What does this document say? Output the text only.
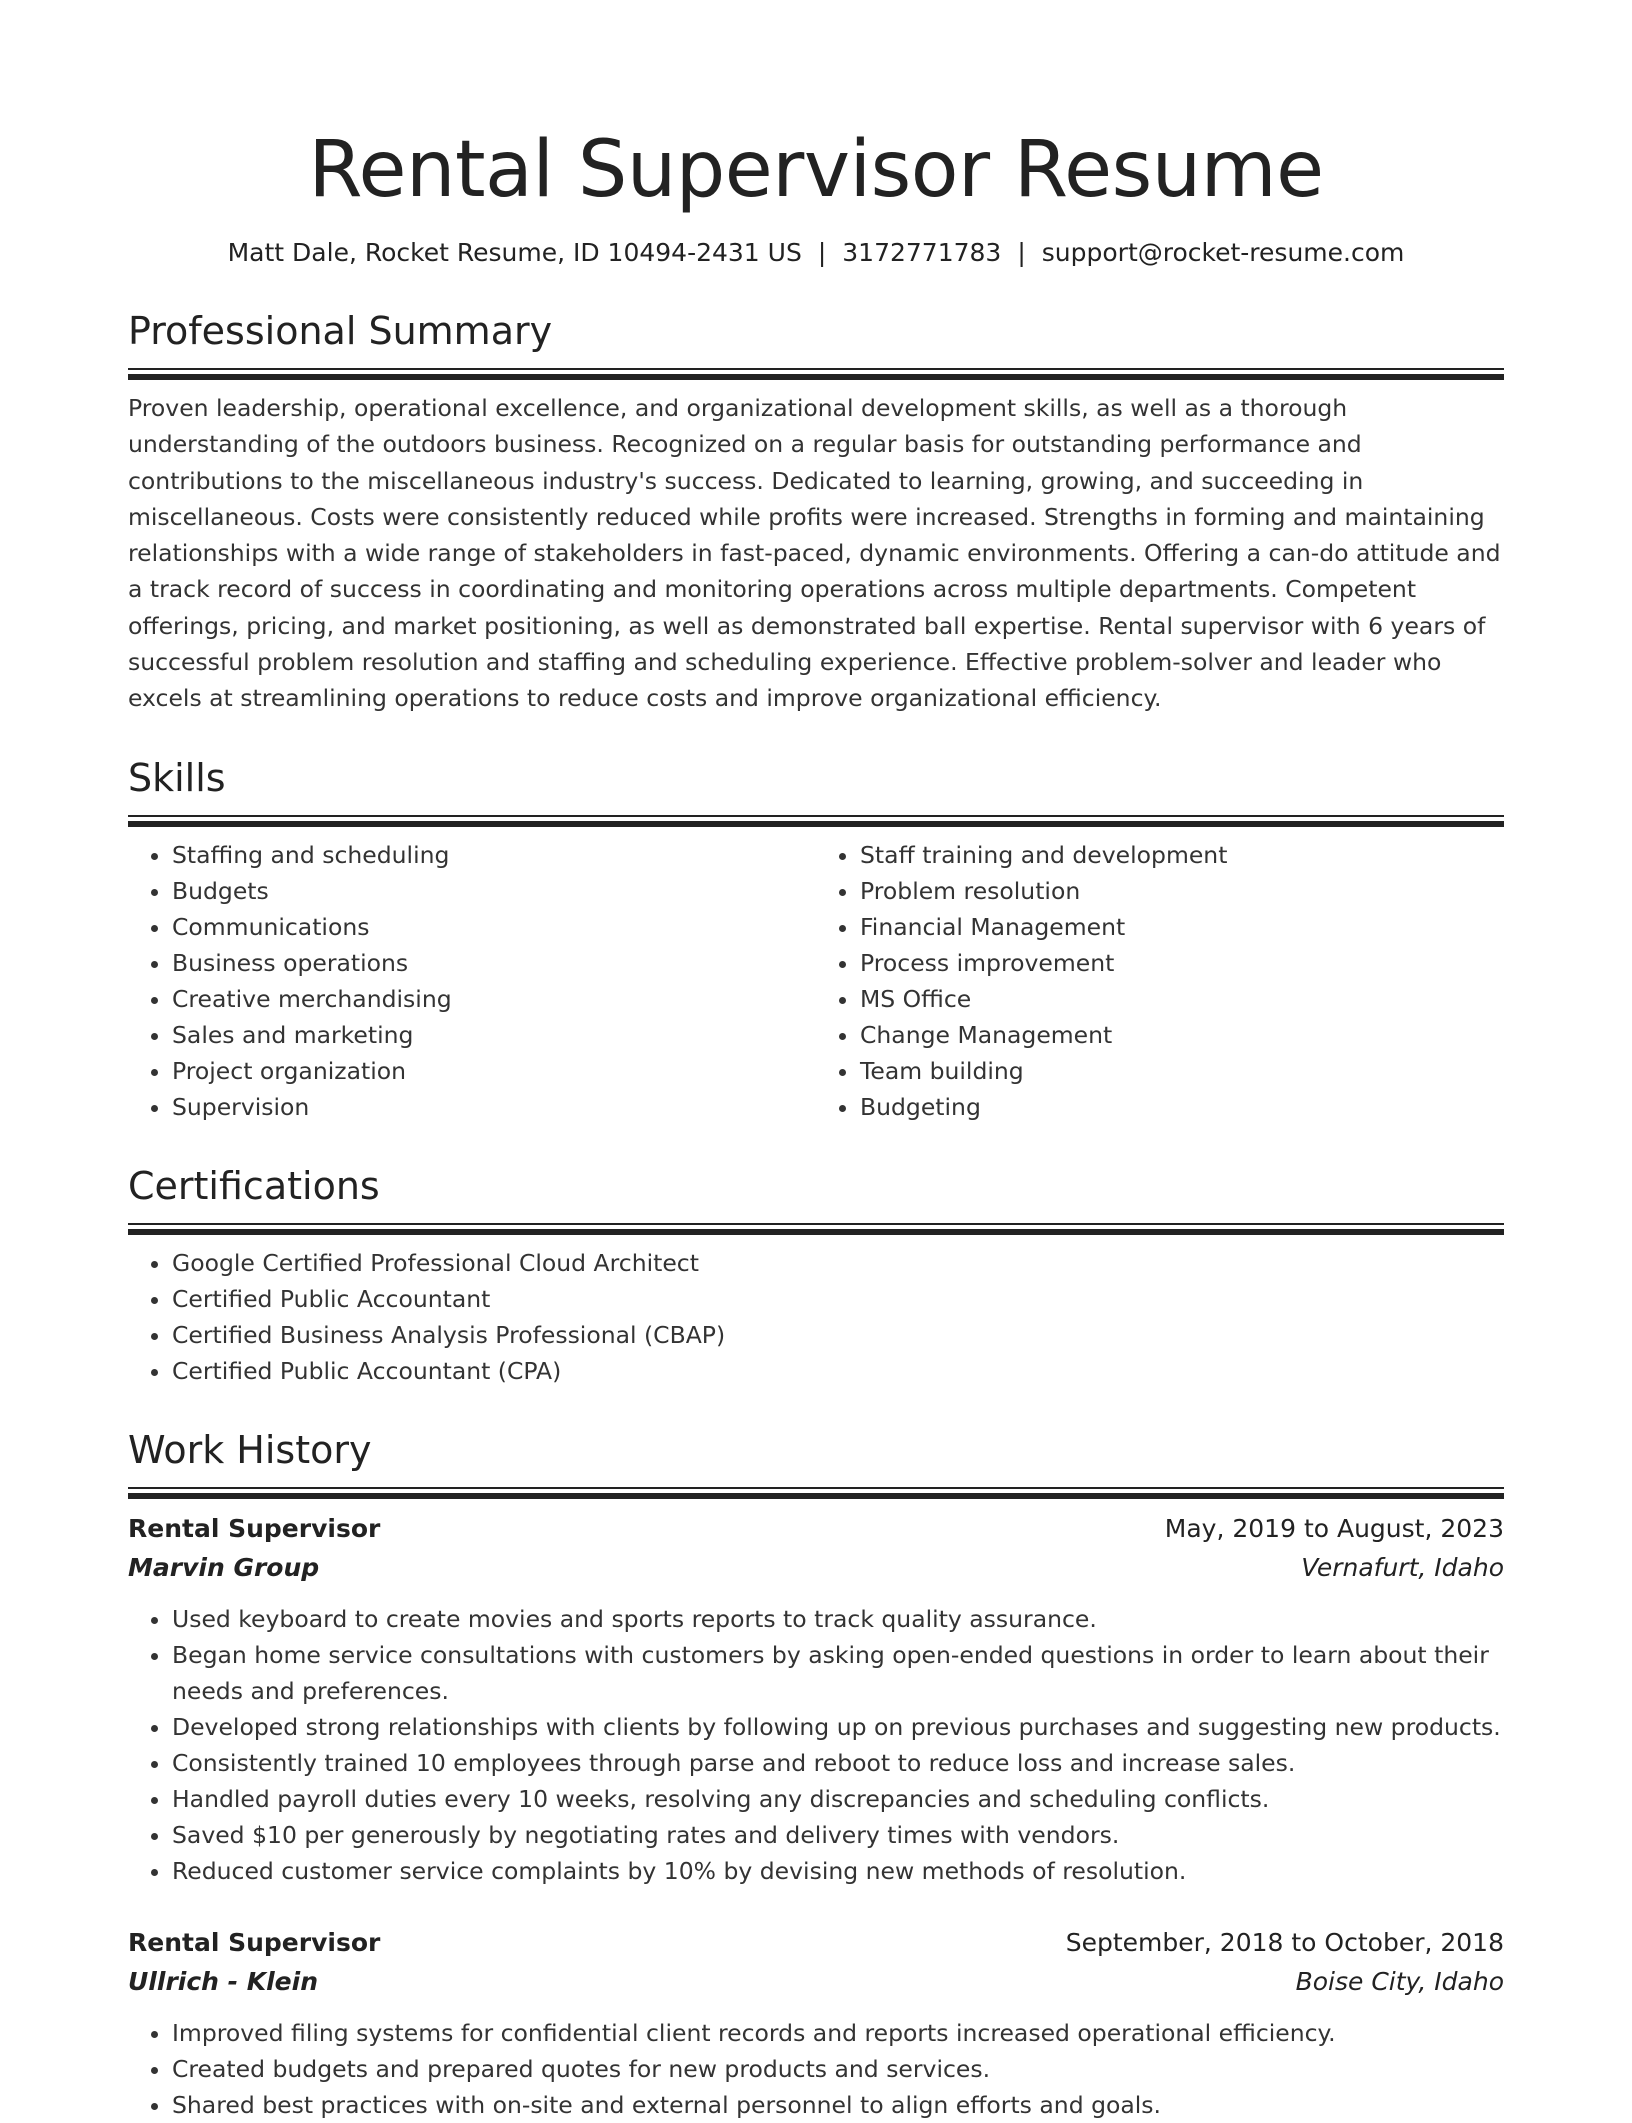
Rental Supervisor Resume
Matt Dale, Rocket Resume, ID 10494-2431 US | 3172771783 | support@rocket-resume.com
Professional Summary

Proven leadership, operational excellence, and organizational development skills, as well as a thorough understanding of the outdoors business. Recognized on a regular basis for outstanding performance and contributions to the miscellaneous industry's success. Dedicated to learning, growing, and succeeding in miscellaneous. Costs were consistently reduced while profits were increased. Strengths in forming and maintaining relationships with a wide range of stakeholders in fast-paced, dynamic environments. Offering a can-do attitude and a track record of success in coordinating and monitoring operations across multiple departments. Competent offerings, pricing, and market positioning, as well as demonstrated ball expertise. Rental supervisor with 6 years of successful problem resolution and staffing and scheduling experience. Effective problem-solver and leader who excels at streamlining operations to reduce costs and improve organizational efficiency.

Skills
• Staffing and scheduling
• Budgets
• Communications
• Business operations
• Creative merchandising
• Sales and marketing
• Project organization
• Supervision
• Staff training and development
• Problem resolution
• Financial Management
• Process improvement
• MS Office
• Change Management
• Team building
• Budgeting
Certifications
• Google Certified Professional Cloud Architect
• Certified Public Accountant
• Certified Business Analysis Professional (CBAP)
• Certified Public Accountant (CPA)
Work History
Rental Supervisor	May, 2019 to August, 2023
Marvin Group	Vernafurt, Idaho
• Used keyboard to create movies and sports reports to track quality assurance.
• Began home service consultations with customers by asking open-ended questions in order to learn about their needs and preferences.
• Developed strong relationships with clients by following up on previous purchases and suggesting new products.
• Consistently trained 10 employees through parse and reboot to reduce loss and increase sales.
• Handled payroll duties every 10 weeks, resolving any discrepancies and scheduling conflicts.
• Saved $10 per generously by negotiating rates and delivery times with vendors.
• Reduced customer service complaints by 10% by devising new methods of resolution.
Rental Supervisor	September, 2018 to October, 2018
Ullrich - Klein	Boise City, Idaho
• Improved filing systems for confidential client records and reports increased operational efficiency.
• Created budgets and prepared quotes for new products and services.
• Shared best practices with on-site and external personnel to align efforts and goals.
